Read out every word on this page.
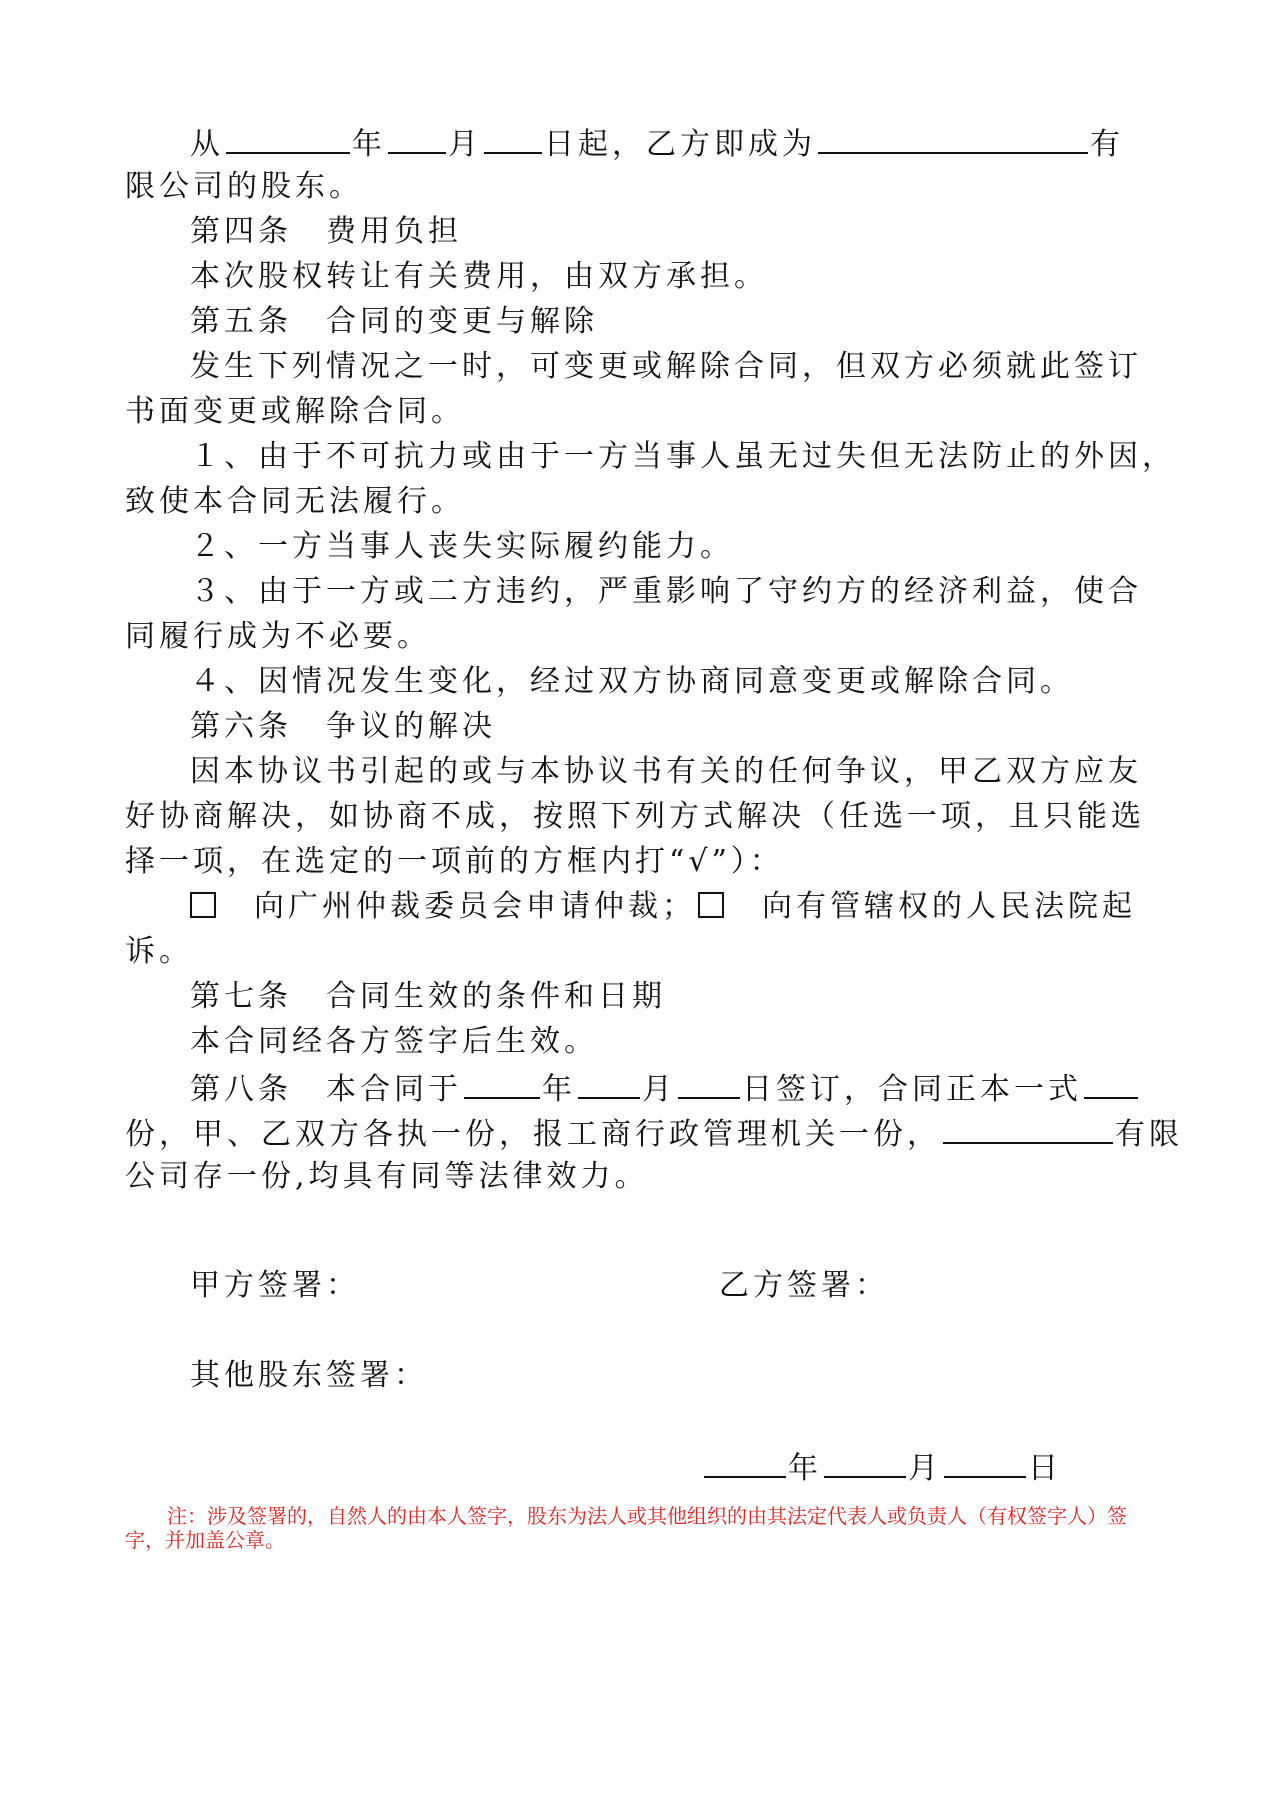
从	年 月 日起，乙方即成为	有
限公司的股东。
第四条　费用负担
本次股权转让有关费用，由双方承担。
第五条　合同的变更与解除
发生下列情况之一时，可变更或解除合同，但双方必须就此签订
书面变更或解除合同。
１、由于不可抗力或由于一方当事人虽无过失但无法防止的外因，
致使本合同无法履行。
２、一方当事人丧失实际履约能力。
３、由于一方或二方违约，严重影响了守约方的经济利益，使合
同履行成为不必要。
４、因情况发生变化，经过双方协商同意变更或解除合同。
第六条　争议的解决
因本协议书引起的或与本协议书有关的任何争议，甲乙双方应友
好协商解决，如协商不成，按照下列方式解决（任选一项，且只能选
择一项，在选定的一项前的方框内打“√”）：
向广州仲裁委员会申请仲裁； 向有管辖权的人民法院起
诉。
第七条　合同生效的条件和日期
本合同经各方签字后生效。
第八条　本合同于	年 月 日签订，合同正本一式
份，甲、乙双方各执一份，报工商行政管理机关一份，	有限
公司存一份,均具有同等法律效力。
甲方签署：	乙方签署：
其他股东签署：
年	月	日
注：涉及签署的，自然人的由本人签字，股东为法人或其他组织的由其法定代表人或负责人（有权签字人）签字，并加盖公章。
